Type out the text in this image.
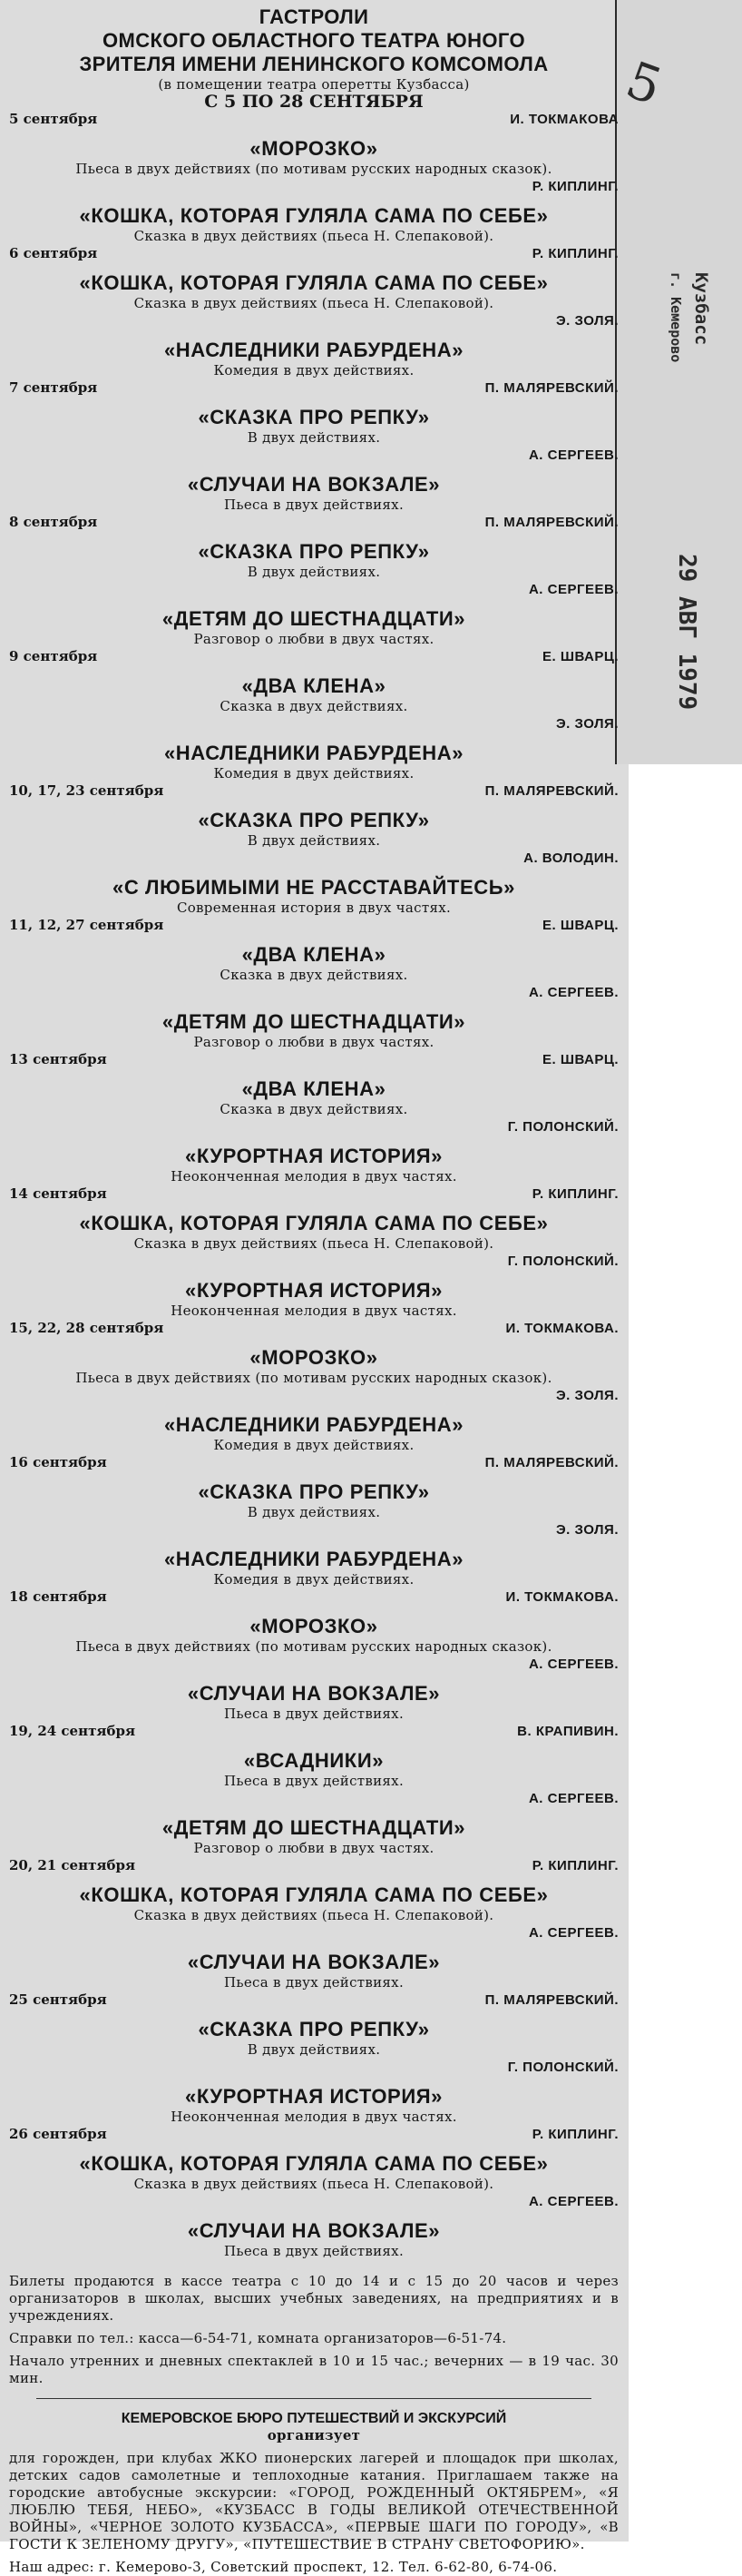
5
Кузбасс
г. Кемерово
29 АВГ 1979
ГАСТРОЛИ
ОМСКОГО ОБЛАСТНОГО ТЕАТРА ЮНОГО
ЗРИТЕЛЯ ИМЕНИ ЛЕНИНСКОГО КОМСОМОЛА
(в помещении театра оперетты Кузбасса)
С 5 ПО 28 СЕНТЯБРЯ
5 сентября	И. ТОКМАКОВА
«МОРОЗКО»
Пьеса в двух действиях (по мотивам русских народных сказок).
Р. КИПЛИНГ.
«КОШКА, КОТОРАЯ ГУЛЯЛА САМА ПО СЕБЕ»
Сказка в двух действиях (пьеса Н. Слепаковой).
6 сентября	Р. КИПЛИНГ.
«КОШКА, КОТОРАЯ ГУЛЯЛА САМА ПО СЕБЕ»
Сказка в двух действиях (пьеса Н. Слепаковой).
Э. ЗОЛЯ.
«НАСЛЕДНИКИ РАБУРДЕНА»
Комедия в двух действиях.
7 сентября	П. МАЛЯРЕВСКИЙ.
«СКАЗКА ПРО РЕПКУ»
В двух действиях.
А. СЕРГЕЕВ.
«СЛУЧАИ НА ВОКЗАЛЕ»
Пьеса в двух действиях.
8 сентября	П. МАЛЯРЕВСКИЙ.
«СКАЗКА ПРО РЕПКУ»
В двух действиях.
А. СЕРГЕЕВ.
«ДЕТЯМ ДО ШЕСТНАДЦАТИ»
Разговор о любви в двух частях.
9 сентября	Е. ШВАРЦ.
«ДВА КЛЕНА»
Сказка в двух действиях.
Э. ЗОЛЯ.
«НАСЛЕДНИКИ РАБУРДЕНА»
Комедия в двух действиях.
10, 17, 23 сентября	П. МАЛЯРЕВСКИЙ.
«СКАЗКА ПРО РЕПКУ»
В двух действиях.
А. ВОЛОДИН.
«С ЛЮБИМЫМИ НЕ РАССТАВАЙТЕСЬ»
Современная история в двух частях.
11, 12, 27 сентября	Е. ШВАРЦ.
«ДВА КЛЕНА»
Сказка в двух действиях.
А. СЕРГЕЕВ.
«ДЕТЯМ ДО ШЕСТНАДЦАТИ»
Разговор о любви в двух частях.
13 сентября	Е. ШВАРЦ.
«ДВА КЛЕНА»
Сказка в двух действиях.
Г. ПОЛОНСКИЙ.
«КУРОРТНАЯ ИСТОРИЯ»
Неоконченная мелодия в двух частях.
14 сентября	Р. КИПЛИНГ.
«КОШКА, КОТОРАЯ ГУЛЯЛА САМА ПО СЕБЕ»
Сказка в двух действиях (пьеса Н. Слепаковой).
Г. ПОЛОНСКИЙ.
«КУРОРТНАЯ ИСТОРИЯ»
Неоконченная мелодия в двух частях.
15, 22, 28 сентября	И. ТОКМАКОВА.
«МОРОЗКО»
Пьеса в двух действиях (по мотивам русских народных сказок).
Э. ЗОЛЯ.
«НАСЛЕДНИКИ РАБУРДЕНА»
Комедия в двух действиях.
16 сентября	П. МАЛЯРЕВСКИЙ.
«СКАЗКА ПРО РЕПКУ»
В двух действиях.
Э. ЗОЛЯ.
«НАСЛЕДНИКИ РАБУРДЕНА»
Комедия в двух действиях.
18 сентября	И. ТОКМАКОВА.
«МОРОЗКО»
Пьеса в двух действиях (по мотивам русских народных сказок).
А. СЕРГЕЕВ.
«СЛУЧАИ НА ВОКЗАЛЕ»
Пьеса в двух действиях.
19, 24 сентября	В. КРАПИВИН.
«ВСАДНИКИ»
Пьеса в двух действиях.
А. СЕРГЕЕВ.
«ДЕТЯМ ДО ШЕСТНАДЦАТИ»
Разговор о любви в двух частях.
20, 21 сентября	Р. КИПЛИНГ.
«КОШКА, КОТОРАЯ ГУЛЯЛА САМА ПО СЕБЕ»
Сказка в двух действиях (пьеса Н. Слепаковой).
А. СЕРГЕЕВ.
«СЛУЧАИ НА ВОКЗАЛЕ»
Пьеса в двух действиях.
25 сентября	П. МАЛЯРЕВСКИЙ.
«СКАЗКА ПРО РЕПКУ»
В двух действиях.
Г. ПОЛОНСКИЙ.
«КУРОРТНАЯ ИСТОРИЯ»
Неоконченная мелодия в двух частях.
26 сентября	Р. КИПЛИНГ.
«КОШКА, КОТОРАЯ ГУЛЯЛА САМА ПО СЕБЕ»
Сказка в двух действиях (пьеса Н. Слепаковой).
А. СЕРГЕЕВ.
«СЛУЧАИ НА ВОКЗАЛЕ»
Пьеса в двух действиях.
Билеты продаются в кассе театра с 10 до 14 и с 15 до 20 часов и через организаторов в школах, высших учебных заведениях, на предприятиях и в учреждениях.
Справки по тел.: касса—6-54-71, комната организаторов—6-51-74.
Начало утренних и дневных спектаклей в 10 и 15 час.; вечерних — в 19 час. 30 мин.
КЕМЕРОВСКОЕ БЮРО ПУТЕШЕСТВИЙ И ЭКСКУРСИЙ
организует
для горожден, при клубах ЖКО пионерских лагерей и площадок при школах, детских садов самолетные и теплоходные катания. Приглашаем также на городские автобусные экскурсии: «ГОРОД, РОЖДЕННЫЙ ОКТЯБРЕМ», «Я ЛЮБЛЮ ТЕБЯ, НЕБО», «КУЗБАСС В ГОДЫ ВЕЛИКОЙ ОТЕЧЕСТВЕННОЙ ВОЙНЫ», «ЧЕРНОЕ ЗОЛОТО КУЗБАССА», «ПЕРВЫЕ ШАГИ ПО ГОРОДУ», «В ГОСТИ К ЗЕЛЕНОМУ ДРУГУ», «ПУТЕШЕСТВИЕ В СТРАНУ СВЕТОФОРИЮ».
Наш адрес: г. Кемерово-3, Советский проспект, 12. Тел. 6-62-80, 6-74-06.
